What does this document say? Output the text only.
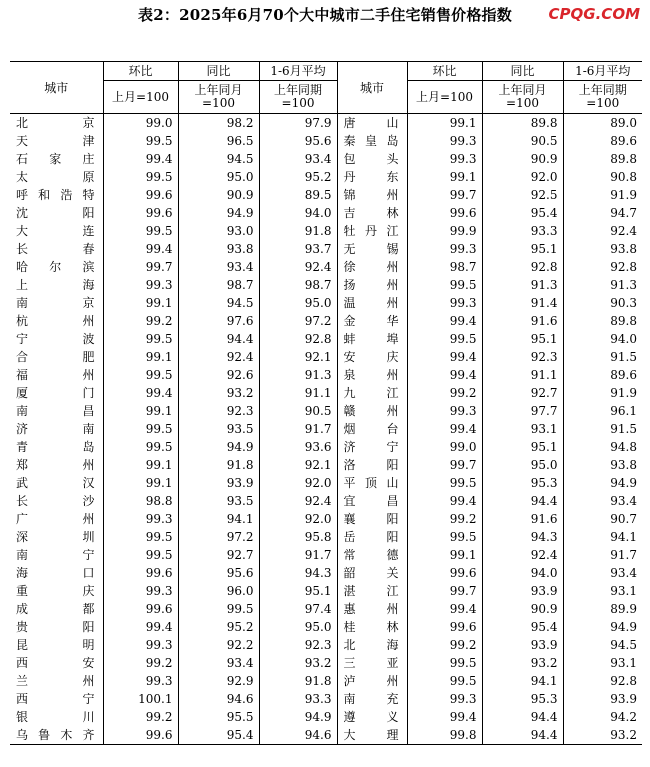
表2：2025年6月70个大中城市二手住宅销售价格指数	CPQG.COM
城市	环比	同比	1-6月平均	城市	环比	同比	1-6月平均
	上月=100	上年同月=100	上年同期=100		上月=100	上年同月=100	上年同期=100
北京	99.0	98.2	97.9	唐山	99.1	89.8	89.0
天津	99.5	96.5	95.6	秦皇岛	99.3	90.5	89.6
石家庄	99.4	94.5	93.4	包头	99.3	90.9	89.8
太原	99.5	95.0	95.2	丹东	99.1	92.0	90.8
呼和浩特	99.6	90.9	89.5	锦州	99.7	92.5	91.9
沈阳	99.6	94.9	94.0	吉林	99.6	95.4	94.7
大连	99.5	93.0	91.8	牡丹江	99.9	93.3	92.4
长春	99.4	93.8	93.7	无锡	99.3	95.1	93.8
哈尔滨	99.7	93.4	92.4	徐州	98.7	92.8	92.8
上海	99.3	98.7	98.7	扬州	99.5	91.3	91.3
南京	99.1	94.5	95.0	温州	99.3	91.4	90.3
杭州	99.2	97.6	97.2	金华	99.4	91.6	89.8
宁波	99.5	94.4	92.8	蚌埠	99.5	95.1	94.0
合肥	99.1	92.4	92.1	安庆	99.4	92.3	91.5
福州	99.5	92.6	91.3	泉州	99.4	91.1	89.6
厦门	99.4	93.2	91.1	九江	99.2	92.7	91.9
南昌	99.1	92.3	90.5	赣州	99.3	97.7	96.1
济南	99.5	93.5	91.7	烟台	99.4	93.1	91.5
青岛	99.5	94.9	93.6	济宁	99.0	95.1	94.8
郑州	99.1	91.8	92.1	洛阳	99.7	95.0	93.8
武汉	99.1	93.9	92.0	平顶山	99.5	95.3	94.9
长沙	98.8	93.5	92.4	宜昌	99.4	94.4	93.4
广州	99.3	94.1	92.0	襄阳	99.2	91.6	90.7
深圳	99.5	97.2	95.8	岳阳	99.5	94.3	94.1
南宁	99.5	92.7	91.7	常德	99.1	92.4	91.7
海口	99.6	95.6	94.3	韶关	99.6	94.0	93.4
重庆	99.3	96.0	95.1	湛江	99.7	93.9	93.1
成都	99.6	99.5	97.4	惠州	99.4	90.9	89.9
贵阳	99.4	95.2	95.0	桂林	99.6	95.4	94.9
昆明	99.3	92.2	92.3	北海	99.2	93.9	94.5
西安	99.2	93.4	93.2	三亚	99.5	93.2	93.1
兰州	99.3	92.9	91.8	泸州	99.5	94.1	92.8
西宁	100.1	94.6	93.3	南充	99.3	95.3	93.9
银川	99.2	95.5	94.9	遵义	99.4	94.4	94.2
乌鲁木齐	99.6	95.4	94.6	大理	99.8	94.4	93.2
